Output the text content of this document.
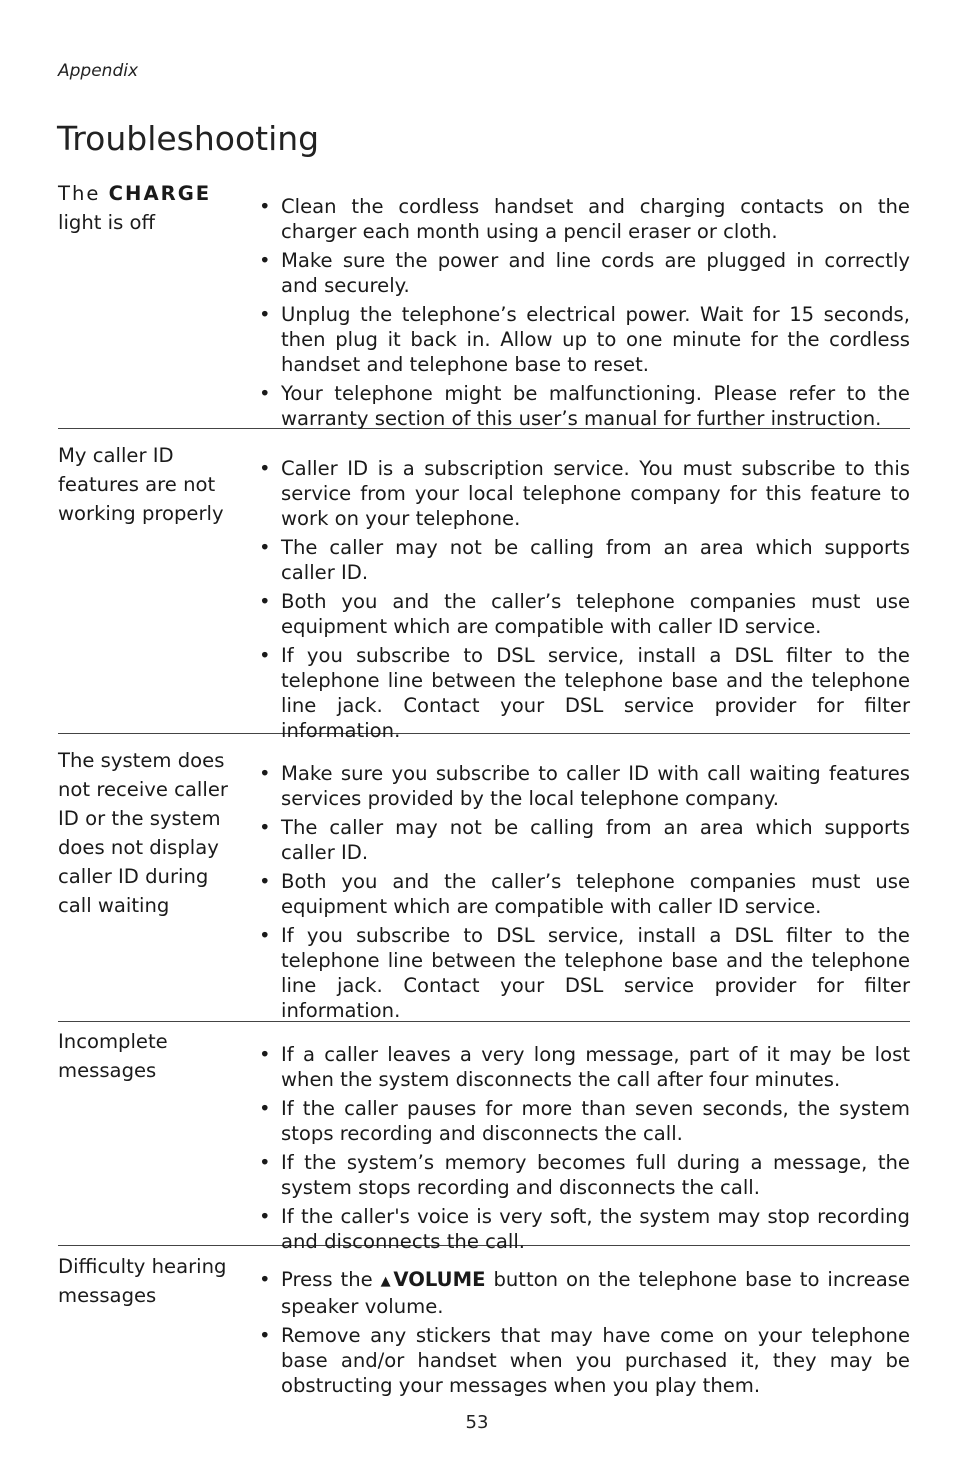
Appendix
Troubleshooting
The CHARGE light is off
• Clean the cordless handset and charging contacts on the charger each month using a pencil eraser or cloth.
• Make sure the power and line cords are plugged in correctly and securely.
• Unplug the telephone’s electrical power. Wait for 15 seconds, then plug it back in. Allow up to one minute for the cordless handset and telephone base to reset.
• Your telephone might be malfunctioning. Please refer to the warranty section of this user’s manual for further instruction.
My caller ID features are not working properly
• Caller ID is a subscription service. You must subscribe to this service from your local telephone company for this feature to work on your telephone.
• The caller may not be calling from an area which supports caller ID.
• Both you and the caller’s telephone companies must use equipment which are compatible with caller ID service.
• If you subscribe to DSL service, install a DSL filter to the telephone line between the telephone base and the telephone line jack. Contact your DSL service provider for filter information.
The system does not receive caller ID or the system does not display caller ID during call waiting
• Make sure you subscribe to caller ID with call waiting features services provided by the local telephone company.
• The caller may not be calling from an area which supports caller ID.
• Both you and the caller’s telephone companies must use equipment which are compatible with caller ID service.
• If you subscribe to DSL service, install a DSL filter to the telephone line between the telephone base and the telephone line jack. Contact your DSL service provider for filter information.
Incomplete messages
• If a caller leaves a very long message, part of it may be lost when the system disconnects the call after four minutes.
• If the caller pauses for more than seven seconds, the system stops recording and disconnects the call.
• If the system’s memory becomes full during a message, the system stops recording and disconnects the call.
• If the caller's voice is very soft, the system may stop recording and disconnects the call.
Difficulty hearing messages
• Press the ▲︎VOLUME button on the telephone base to increase speaker volume.
• Remove any stickers that may have come on your telephone base and/or handset when you purchased it, they may be obstructing your messages when you play them.
53
